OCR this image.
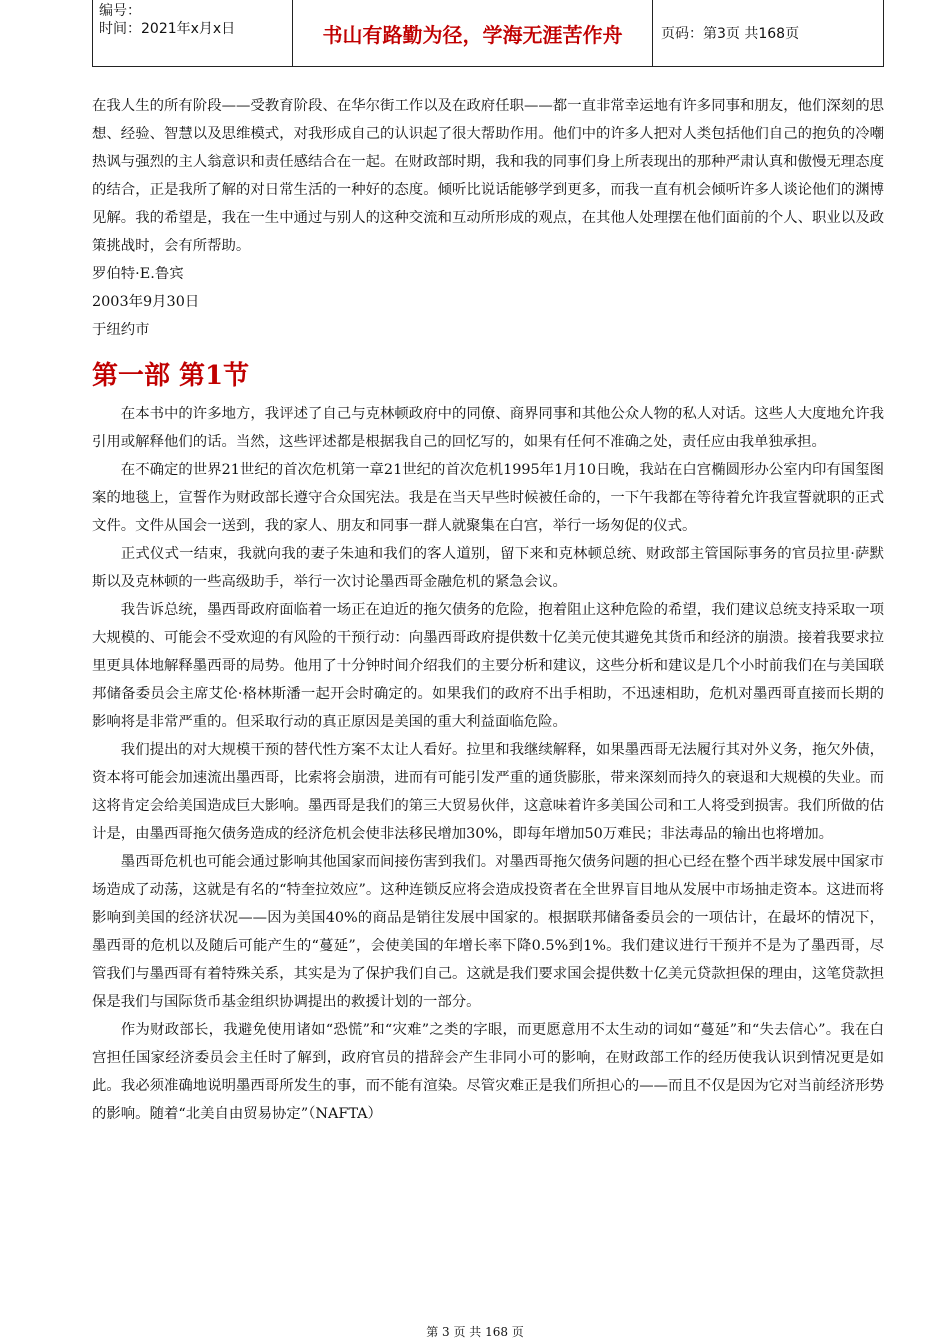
编号：
时间：2021年x月x日	书山有路勤为径，学海无涯苦作舟	页码：第3页 共168页

在我人生的所有阶段——受教育阶段、在华尔街工作以及在政府任职——都一直非常幸运地有许多同事和朋友，他们深刻的思想、经验、智慧以及思维模式，对我形成自己的认识起了很大帮助作用。他们中的许多人把对人类包括他们自己的抱负的冷嘲热讽与强烈的主人翁意识和责任感结合在一起。在财政部时期，我和我的同事们身上所表现出的那种严肃认真和傲慢无理态度的结合，正是我所了解的对日常生活的一种好的态度。倾听比说话能够学到更多，而我一直有机会倾听许多人谈论他们的渊博见解。我的希望是，我在一生中通过与别人的这种交流和互动所形成的观点，在其他人处理摆在他们面前的个人、职业以及政策挑战时，会有所帮助。

罗伯特·E.鲁宾

2003年9月30日

于纽约市

第一部 第1节

在本书中的许多地方，我评述了自己与克林顿政府中的同僚、商界同事和其他公众人物的私人对话。这些人大度地允许我引用或解释他们的话。当然，这些评述都是根据我自己的回忆写的，如果有任何不准确之处，责任应由我单独承担。

在不确定的世界21世纪的首次危机第一章21世纪的首次危机1995年1月10日晚，我站在白宫椭圆形办公室内印有国玺图案的地毯上，宣誓作为财政部长遵守合众国宪法。我是在当天早些时候被任命的，一下午我都在等待着允许我宣誓就职的正式文件。文件从国会一送到，我的家人、朋友和同事一群人就聚集在白宫，举行一场匆促的仪式。

正式仪式一结束，我就向我的妻子朱迪和我们的客人道别，留下来和克林顿总统、财政部主管国际事务的官员拉里·萨默斯以及克林顿的一些高级助手，举行一次讨论墨西哥金融危机的紧急会议。

我告诉总统，墨西哥政府面临着一场正在迫近的拖欠债务的危险，抱着阻止这种危险的希望，我们建议总统支持采取一项大规模的、可能会不受欢迎的有风险的干预行动：向墨西哥政府提供数十亿美元使其避免其货币和经济的崩溃。接着我要求拉里更具体地解释墨西哥的局势。他用了十分钟时间介绍我们的主要分析和建议，这些分析和建议是几个小时前我们在与美国联邦储备委员会主席艾伦·格林斯潘一起开会时确定的。如果我们的政府不出手相助，不迅速相助，危机对墨西哥直接而长期的影响将是非常严重的。但采取行动的真正原因是美国的重大利益面临危险。

我们提出的对大规模干预的替代性方案不太让人看好。拉里和我继续解释，如果墨西哥无法履行其对外义务，拖欠外债，资本将可能会加速流出墨西哥，比索将会崩溃，进而有可能引发严重的通货膨胀，带来深刻而持久的衰退和大规模的失业。而这将肯定会给美国造成巨大影响。墨西哥是我们的第三大贸易伙伴，这意味着许多美国公司和工人将受到损害。我们所做的估计是，由墨西哥拖欠债务造成的经济危机会使非法移民增加30%，即每年增加50万难民；非法毒品的输出也将增加。

墨西哥危机也可能会通过影响其他国家而间接伤害到我们。对墨西哥拖欠债务问题的担心已经在整个西半球发展中国家市场造成了动荡，这就是有名的“特奎拉效应”。这种连锁反应将会造成投资者在全世界盲目地从发展中市场抽走资本。这进而将影响到美国的经济状况——因为美国40%的商品是销往发展中国家的。根据联邦储备委员会的一项估计，在最坏的情况下，墨西哥的危机以及随后可能产生的“蔓延”，会使美国的年增长率下降0.5%到1%。我们建议进行干预并不是为了墨西哥，尽管我们与墨西哥有着特殊关系，其实是为了保护我们自己。这就是我们要求国会提供数十亿美元贷款担保的理由，这笔贷款担保是我们与国际货币基金组织协调提出的救援计划的一部分。

作为财政部长，我避免使用诸如“恐慌”和“灾难”之类的字眼，而更愿意用不太生动的词如“蔓延”和“失去信心”。我在白宫担任国家经济委员会主任时了解到，政府官员的措辞会产生非同小可的影响，在财政部工作的经历使我认识到情况更是如此。我必须准确地说明墨西哥所发生的事，而不能有渲染。尽管灾难正是我们所担心的——而且不仅是因为它对当前经济形势的影响。随着“北美自由贸易协定”（NAFTA）

第 3 页 共 168 页
